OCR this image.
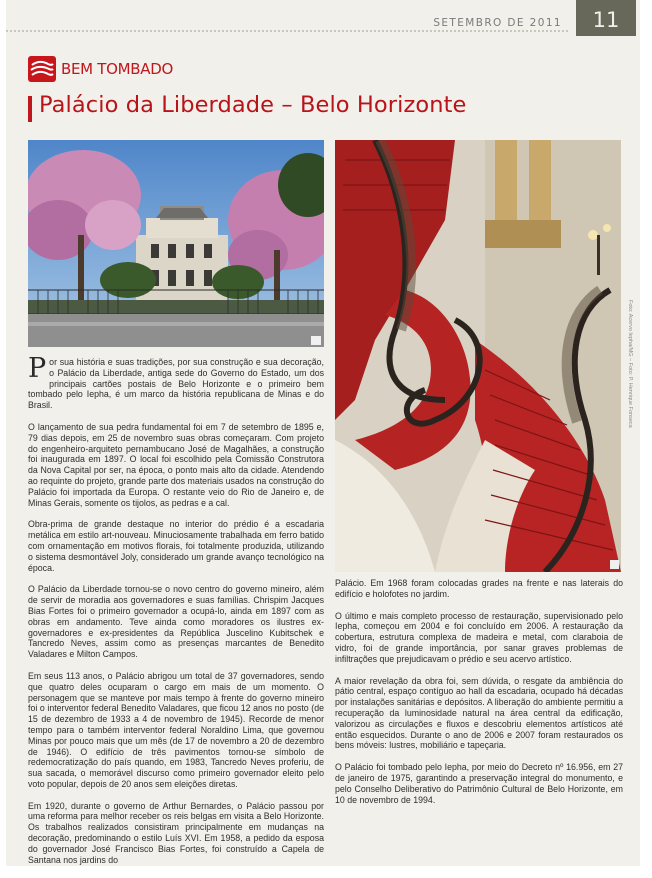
SETEMBRO DE 2011	11
BEM TOMBADO
Palácio da Liberdade – Belo Horizonte
Foto: Acervo Iepha/MG – Foto: P. Henrique Fonseca

Por sua história e suas tradições, por sua construção e sua decoração, o Palácio da Liberdade, antiga sede do Governo do Estado, um dos principais cartões postais de Belo Horizonte e o primeiro bem tombado pelo Iepha, é um marco da história republicana de Minas e do Brasil.

O lançamento de sua pedra fundamental foi em 7 de setembro de 1895 e, 79 dias depois, em 25 de novembro suas obras começaram. Com projeto do engenheiro-arquiteto pernambucano José de Magalhães, a construção foi inaugurada em 1897. O local foi escolhido pela Comissão Construtora da Nova Capital por ser, na época, o ponto mais alto da cidade. Atendendo ao requinte do projeto, grande parte dos materiais usados na construção do Palácio foi importada da Europa. O restante veio do Rio de Janeiro e, de Minas Gerais, somente os tijolos, as pedras e a cal.

Obra-prima de grande destaque no interior do prédio é a escadaria metálica em estilo art-nouveau. Minuciosamente trabalhada em ferro batido com ornamentação em motivos florais, foi totalmente produzida, utilizando o sistema desmontável Joly, considerado um grande avanço tecnológico na época.

O Palácio da Liberdade tornou-se o novo centro do governo mineiro, além de servir de moradia aos governadores e suas famílias. Chrispim Jacques Bias Fortes foi o primeiro governador a ocupá-lo, ainda em 1897 com as obras em andamento. Teve ainda como moradores os ilustres ex-governadores e ex-presidentes da República Juscelino Kubitschek e Tancredo Neves, assim como as presenças marcantes de Benedito Valadares e Milton Campos.

Em seus 113 anos, o Palácio abrigou um total de 37 governadores, sendo que quatro deles ocuparam o cargo em mais de um momento. O personagem que se manteve por mais tempo à frente do governo mineiro foi o interventor federal Benedito Valadares, que ficou 12 anos no posto (de 15 de dezembro de 1933 a 4 de novembro de 1945). Recorde de menor tempo para o também interventor federal Noraldino Lima, que governou Minas por pouco mais que um mês (de 17 de novembro a 20 de dezembro de 1946). O edifício de três pavimentos tornou-se símbolo de redemocratização do país quando, em 1983, Tancredo Neves proferiu, de sua sacada, o memorável discurso como primeiro governador eleito pelo voto popular, depois de 20 anos sem eleições diretas.

Em 1920, durante o governo de Arthur Bernardes, o Palácio passou por uma reforma para melhor receber os reis belgas em visita a Belo Horizonte. Os trabalhos realizados consistiram principalmente em mudanças na decoração, predominando o estilo Luís XVI. Em 1958, a pedido da esposa do governador José Francisco Bias Fortes, foi construído a Capela de Santana nos jardins do

Palácio. Em 1968 foram colocadas grades na frente e nas laterais do edifício e holofotes no jardim.

O último e mais completo processo de restauração, supervisionado pelo Iepha, começou em 2004 e foi concluído em 2006. A restauração da cobertura, estrutura complexa de madeira e metal, com claraboia de vidro, foi de grande importância, por sanar graves problemas de infiltrações que prejudicavam o prédio e seu acervo artístico.

A maior revelação da obra foi, sem dúvida, o resgate da ambiência do pátio central, espaço contíguo ao hall da escadaria, ocupado há décadas por instalações sanitárias e depósitos. A liberação do ambiente permitiu a recuperação da luminosidade natural na área central da edificação, valorizou as circulações e fluxos e descobriu elementos artísticos até então esquecidos. Durante o ano de 2006 e 2007 foram restaurados os bens móveis: lustres, mobiliário e tapeçaria.

O Palácio foi tombado pelo Iepha, por meio do Decreto nº 16.956, em 27 de janeiro de 1975, garantindo a preservação integral do monumento, e pelo Conselho Deliberativo do Patrimônio Cultural de Belo Horizonte, em 10 de novembro de 1994.
